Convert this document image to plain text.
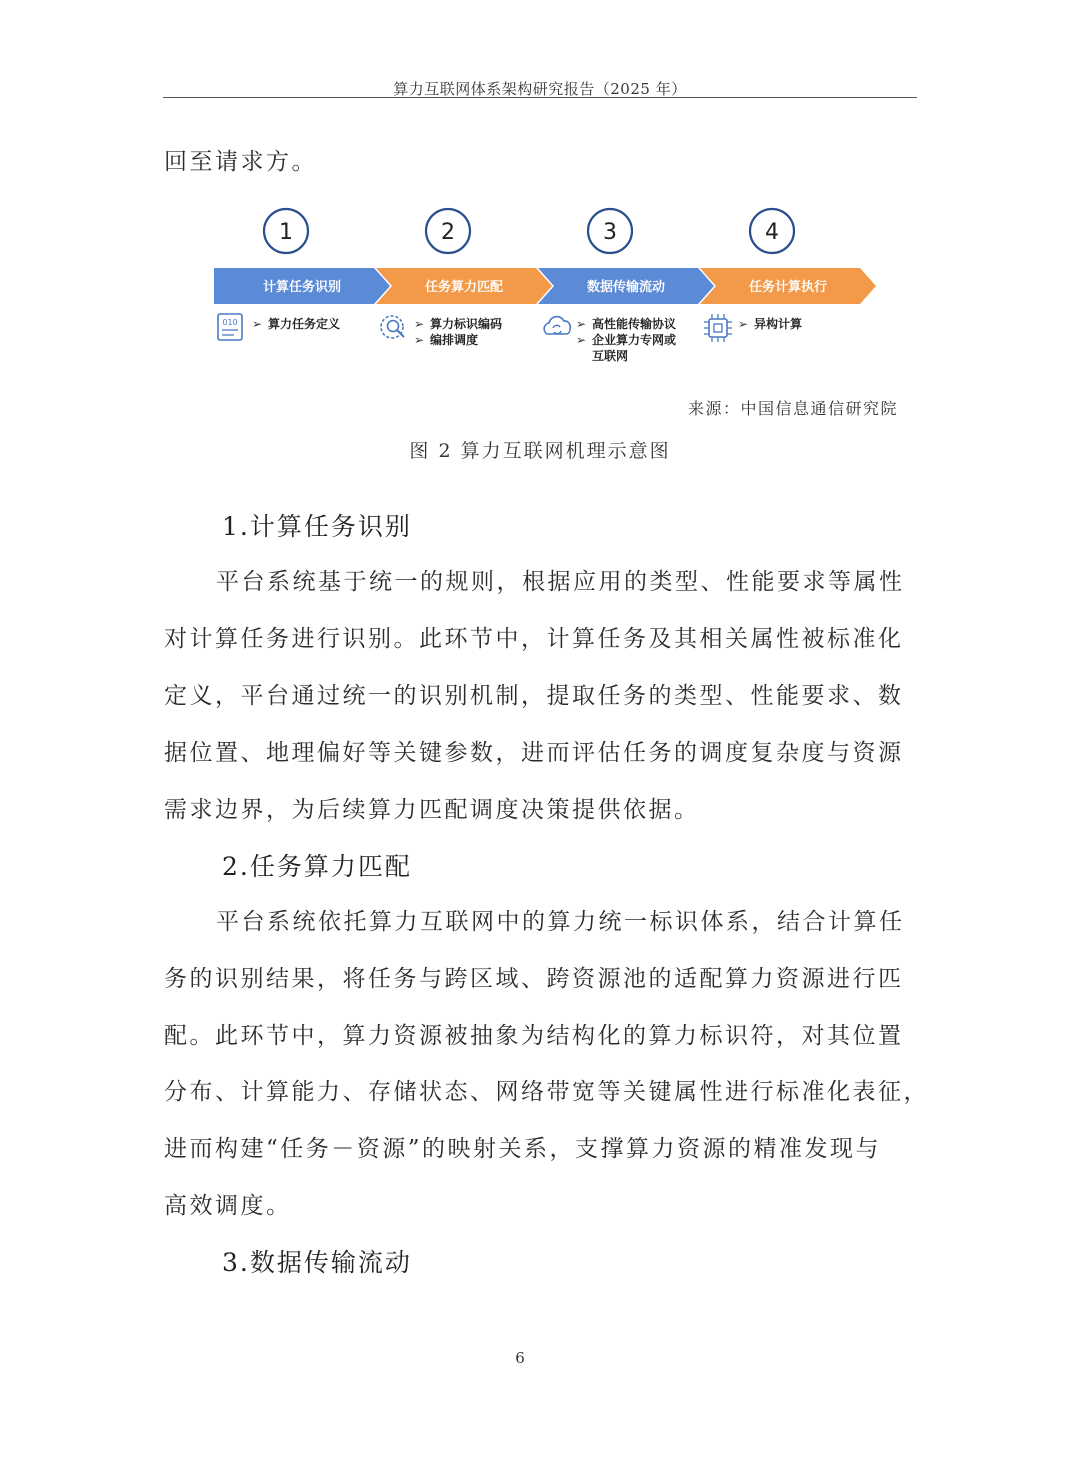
算力互联网体系架构研究报告（2025 年）
回至请求方。
1
计算任务识别
010 ➢ 算力任务定义
2
任务算力匹配
➢ 算力标识编码
➢ 编排调度
3
数据传输流动
➢ 高性能传输协议
➢ 企业算力专网或
互联网
4
任务计算执行
➢ 异构计算
来源：中国信息通信研究院
图 2 算力互联网机理示意图
1.计算任务识别
平台系统基于统一的规则，根据应用的类型、性能要求等属性
对计算任务进行识别。此环节中，计算任务及其相关属性被标准化
定义，平台通过统一的识别机制，提取任务的类型、性能要求、数
据位置、地理偏好等关键参数，进而评估任务的调度复杂度与资源
需求边界，为后续算力匹配调度决策提供依据。
2.任务算力匹配
平台系统依托算力互联网中的算力统一标识体系，结合计算任
务的识别结果，将任务与跨区域、跨资源池的适配算力资源进行匹
配。此环节中，算力资源被抽象为结构化的算力标识符，对其位置
分布、计算能力、存储状态、网络带宽等关键属性进行标准化表征，
进而构建“任务－资源”的映射关系，支撑算力资源的精准发现与
高效调度。
3.数据传输流动
6
